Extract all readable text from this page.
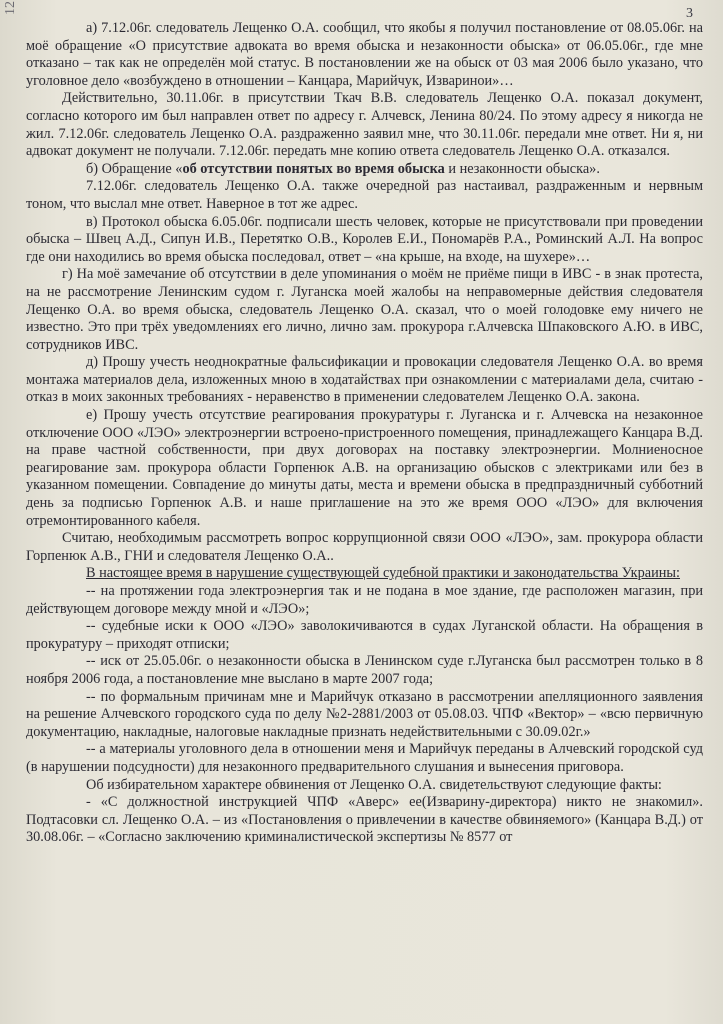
12	3

а) 7.12.06г. следователь Лещенко О.А. сообщил, что якобы я получил постановление от 08.05.06г. на моё обращение «О присутствие адвоката во время обыска и незаконности обыска» от 06.05.06г., где мне отказано – так как не определён мой статус. В постановлении же на обыск от 03 мая 2006 было указано, что уголовное дело «возбуждено в отношении – Канцара, Марийчук, Изваринои»…

Действительно, 30.11.06г. в присутствии Ткач В.В. следователь Лещенко О.А. показал документ, согласно которого им был направлен ответ по адресу г. Алчевск, Ленина 80/24. По этому адресу я никогда не жил. 7.12.06г. следователь Лещенко О.А. раздраженно заявил мне, что 30.11.06г. передали мне ответ. Ни я, ни адвокат документ не получали. 7.12.06г. передать мне копию ответа следователь Лещенко О.А. отказался.

б) Обращение «об отсутствии понятых во время обыска и незаконности обыска».

7.12.06г. следователь Лещенко О.А. также очередной раз настаивал, раздраженным и нервным тоном, что выслал мне ответ. Наверное в тот же адрес.

в) Протокол обыска 6.05.06г. подписали шесть человек, которые не присутствовали при проведении обыска – Швец А.Д., Сипун И.В., Перетятко О.В., Королев Е.И., Пономарёв Р.А., Роминский А.Л. На вопрос где они находились во время обыска последовал, ответ – «на крыше, на входе, на шухере»…

г) На моё замечание об отсутствии в деле упоминания о моём не приёме пищи в ИВС - в знак протеста, на не рассмотрение Ленинским судом г. Луганска моей жалобы на неправомерные действия следователя Лещенко О.А. во время обыска, следователь Лещенко О.А. сказал, что о моей голодовке ему ничего не известно. Это при трёх уведомлениях его лично, лично зам. прокурора г.Алчевска Шпаковского А.Ю. в ИВС, сотрудников ИВС.

д) Прошу учесть неоднократные фальсификации и провокации следователя Лещенко О.А. во время монтажа материалов дела, изложенных мною в ходатайствах при ознакомлении с материалами дела, считаю - отказ в моих законных требованиях - неравенство в применении следователем Лещенко О.А. закона.

е) Прошу учесть отсутствие реагирования прокуратуры г. Луганска и г. Алчевска на незаконное отключение ООО «ЛЭО» электроэнергии встроено-пристроенного помещения, принадлежащего Канцара В.Д. на праве частной собственности, при двух договорах на поставку электроэнергии. Молниеносное реагирование зам. прокурора области Горпенюк А.В. на организацию обысков с электриками или без в указанном помещении. Совпадение до минуты даты, места и времени обыска в предпраздничный субботний день за подписью Горпенюк А.В. и наше приглашение на это же время ООО «ЛЭО» для включения отремонтированного кабеля.

Считаю, необходимым рассмотреть вопрос коррупционной связи ООО «ЛЭО», зам. прокурора области Горпенюк А.В., ГНИ и следователя Лещенко О.А..

В настоящее время в нарушение существующей судебной практики и законодательства Украины:

-- на протяжении года электроэнергия так и не подана в мое здание, где расположен магазин, при действующем договоре между мной и «ЛЭО»;

-- судебные иски к ООО «ЛЭО» заволокичиваются в судах Луганской области. На обращения в прокуратуру – приходят отписки;

-- иск от 25.05.06г. о незаконности обыска в Ленинском суде г.Луганска был рассмотрен только в 8 ноября 2006 года, а постановление мне выслано в марте 2007 года;

-- по формальным причинам мне и Марийчук отказано в рассмотрении апелляционного заявления на решение Алчевского городского суда по делу №2-2881/2003 от 05.08.03. ЧПФ «Вектор» – «всю первичную документацию, накладные, налоговые накладные признать недействительными с 30.09.02г.»

-- а материалы уголовного дела в отношении меня и Марийчук переданы в Алчевский городской суд (в нарушении подсудности) для незаконного предварительного слушания и вынесения приговора.

Об избирательном характере обвинения от Лещенко О.А. свидетельствуют следующие факты:

- «С должностной инструкцией ЧПФ «Аверс» ее(Изварину-директора) никто не знакомил». Подтасовки сл. Лещенко О.А. – из «Постановления о привлечении в качестве обвиняемого» (Канцара В.Д.) от 30.08.06г. – «Согласно заключению криминалистической экспертизы № 8577 от
